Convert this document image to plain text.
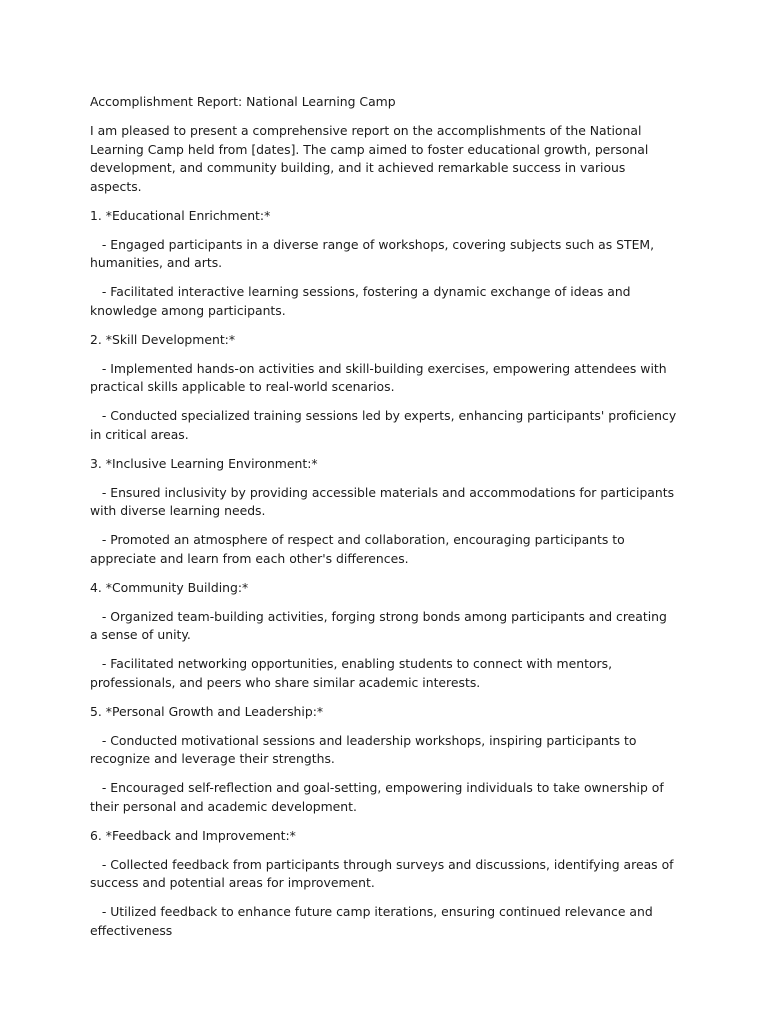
Accomplishment Report: National Learning Camp

I am pleased to present a comprehensive report on the accomplishments of the National Learning Camp held from [dates]. The camp aimed to foster educational growth, personal development, and community building, and it achieved remarkable success in various aspects.

1. *Educational Enrichment:*

- Engaged participants in a diverse range of workshops, covering subjects such as STEM, humanities, and arts.

- Facilitated interactive learning sessions, fostering a dynamic exchange of ideas and knowledge among participants.

2. *Skill Development:*

- Implemented hands-on activities and skill-building exercises, empowering attendees with practical skills applicable to real-world scenarios.

- Conducted specialized training sessions led by experts, enhancing participants' proficiency in critical areas.

3. *Inclusive Learning Environment:*

- Ensured inclusivity by providing accessible materials and accommodations for participants with diverse learning needs.

- Promoted an atmosphere of respect and collaboration, encouraging participants to appreciate and learn from each other's differences.

4. *Community Building:*

- Organized team-building activities, forging strong bonds among participants and creating a sense of unity.

- Facilitated networking opportunities, enabling students to connect with mentors, professionals, and peers who share similar academic interests.

5. *Personal Growth and Leadership:*

- Conducted motivational sessions and leadership workshops, inspiring participants to recognize and leverage their strengths.

- Encouraged self-reflection and goal-setting, empowering individuals to take ownership of their personal and academic development.

6. *Feedback and Improvement:*

- Collected feedback from participants through surveys and discussions, identifying areas of success and potential areas for improvement.

- Utilized feedback to enhance future camp iterations, ensuring continued relevance and effectiveness
